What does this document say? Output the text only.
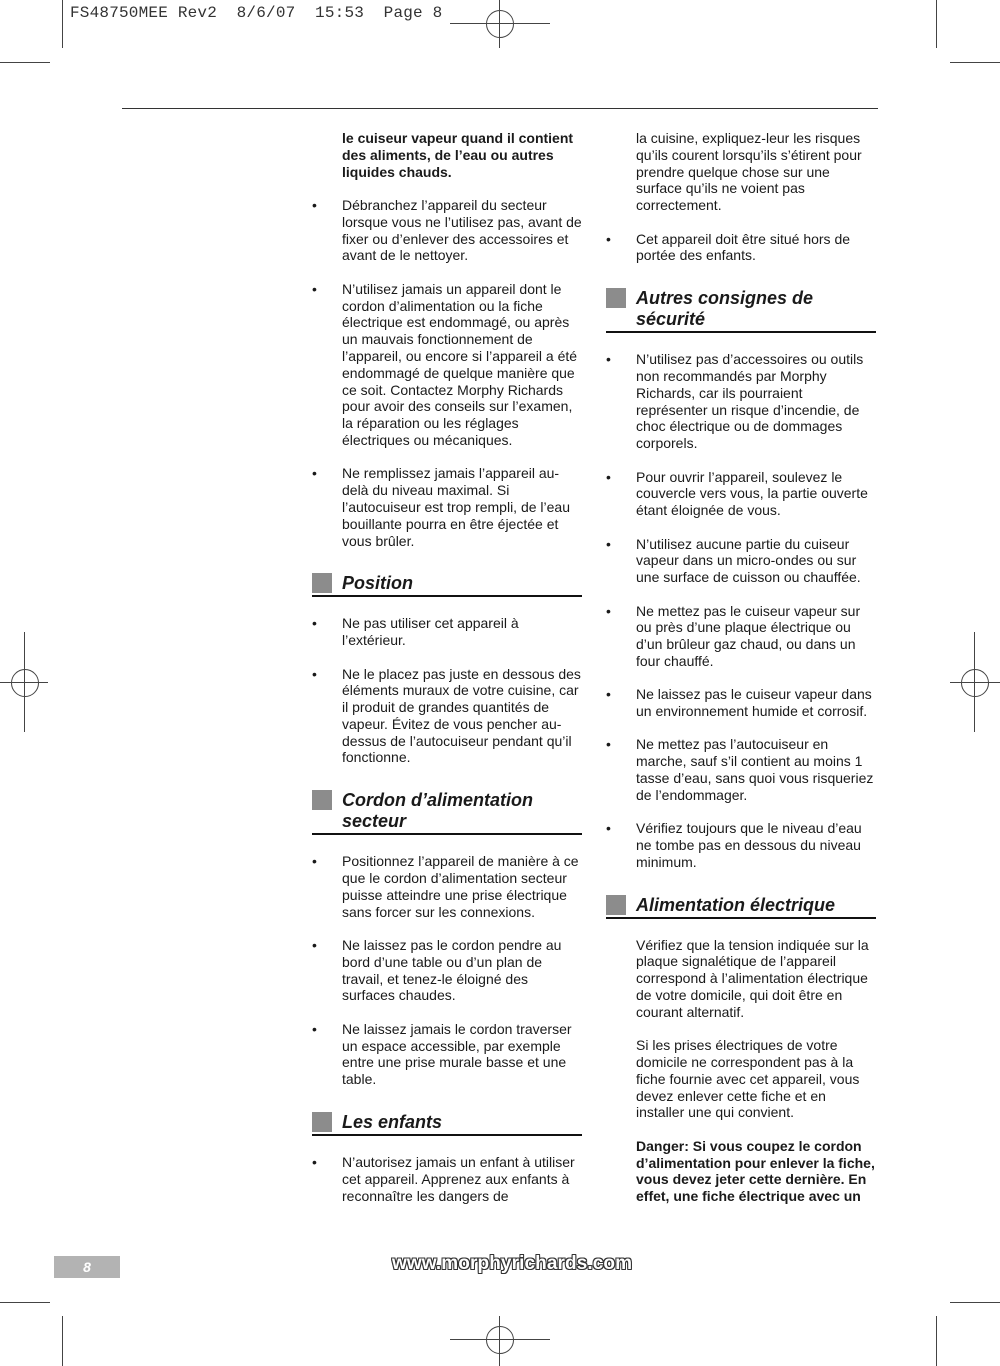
FS48750MEE Rev2  8/6/07  15:53  Page 8

le cuiseur vapeur quand il contient des aliments, de l’eau ou autres liquides chauds.

•	Débranchez l’appareil du secteur lorsque vous ne l’utilisez pas, avant de fixer ou d’enlever des accessoires et avant de le nettoyer.
•	N’utilisez jamais un appareil dont le cordon d’alimentation ou la fiche électrique est endommagé, ou après un mauvais fonctionnement de l’appareil, ou encore si l’appareil a été endommagé de quelque manière que ce soit. Contactez Morphy Richards pour avoir des conseils sur l’examen, la réparation ou les réglages électriques ou mécaniques.
•	Ne remplissez jamais l’appareil au-delà du niveau maximal. Si l’autocuiseur est trop rempli, de l’eau bouillante pourra en être éjectée et vous brûler.
Position
•	Ne pas utiliser cet appareil à l’extérieur.
•	Ne le placez pas juste en dessous des éléments muraux de votre cuisine, car il produit de grandes quantités de vapeur. Évitez de vous pencher au-dessus de l’autocuiseur pendant qu’il fonctionne.
Cordon d’alimentation secteur
•	Positionnez l’appareil de manière à ce que le cordon d’alimentation secteur puisse atteindre une prise électrique sans forcer sur les connexions.
•	Ne laissez pas le cordon pendre au bord d’une table ou d’un plan de travail, et tenez-le éloigné des surfaces chaudes.
•	Ne laissez jamais le cordon traverser un espace accessible, par exemple entre une prise murale basse et une table.
Les enfants
•	N’autorisez jamais un enfant à utiliser cet appareil. Apprenez aux enfants à reconnaître les dangers de

la cuisine, expliquez-leur les risques qu’ils courent lorsqu’ils s’étirent pour prendre quelque chose sur une surface qu’ils ne voient pas correctement.

•	Cet appareil doit être situé hors de portée des enfants.
Autres consignes de sécurité
•	N’utilisez pas d’accessoires ou outils non recommandés par Morphy Richards, car ils pourraient représenter un risque d’incendie, de choc électrique ou de dommages corporels.
•	Pour ouvrir l’appareil, soulevez le couvercle vers vous, la partie ouverte étant éloignée de vous.
•	N’utilisez aucune partie du cuiseur vapeur dans un micro-ondes ou sur une surface de cuisson ou chauffée.
•	Ne mettez pas le cuiseur vapeur sur ou près d’une plaque électrique ou d’un brûleur gaz chaud, ou dans un four chauffé.
•	Ne laissez pas le cuiseur vapeur dans un environnement humide et corrosif.
•	Ne mettez pas l’autocuiseur en marche, sauf s’il contient au moins 1 tasse d’eau, sans quoi vous risqueriez de l’endommager.
•	Vérifiez toujours que le niveau d’eau ne tombe pas en dessous du niveau minimum.
Alimentation électrique

Vérifiez que la tension indiquée sur la plaque signalétique de l’appareil correspond à l’alimentation électrique de votre domicile, qui doit être en courant alternatif.

Si les prises électriques de votre domicile ne correspondent pas à la fiche fournie avec cet appareil, vous devez enlever cette fiche et en installer une qui convient.

Danger: Si vous coupez le cordon d’alimentation pour enlever la fiche, vous devez jeter cette dernière. En effet, une fiche électrique avec un

8	www.morphyrichards.com
